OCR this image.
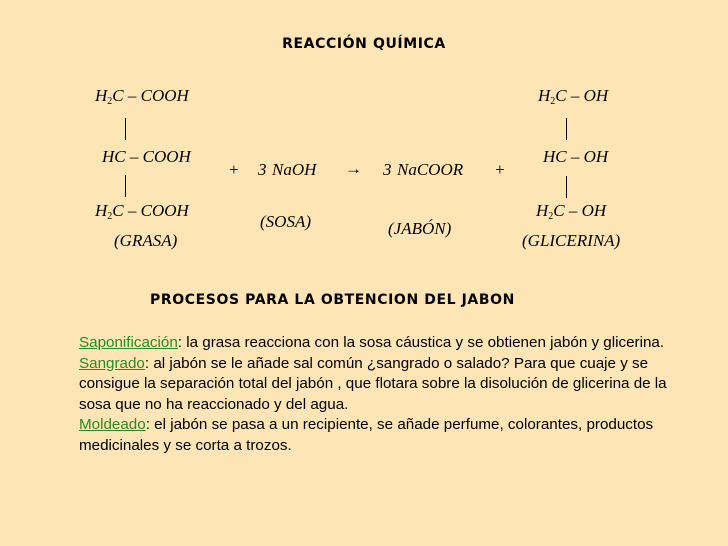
REACCIÓN QUÍMICA
$H_2C$ – COOH
HC – COOH
$H_2C$ – COOH
(GRASA)
+ 3 NaOH
(SOSA)
→ 3 NaCOOR
(JABÓN)
+
$H_2C$ – OH
HC – OH
$H_2C$ – OH
(GLICERINA)
PROCESOS PARA LA OBTENCION DEL JABON

Saponificación: la grasa reacciona con la sosa cáustica y se obtienen jabón y glicerina.

Sangrado: al jabón se le añade sal común ¿sangrado o salado? Para que cuaje y se consigue la separación total del jabón , que flotara sobre la disolución de glicerina de la sosa que no ha reaccionado y del agua.

Moldeado: el jabón se pasa a un recipiente, se añade perfume, colorantes, productos medicinales y se corta a trozos.
